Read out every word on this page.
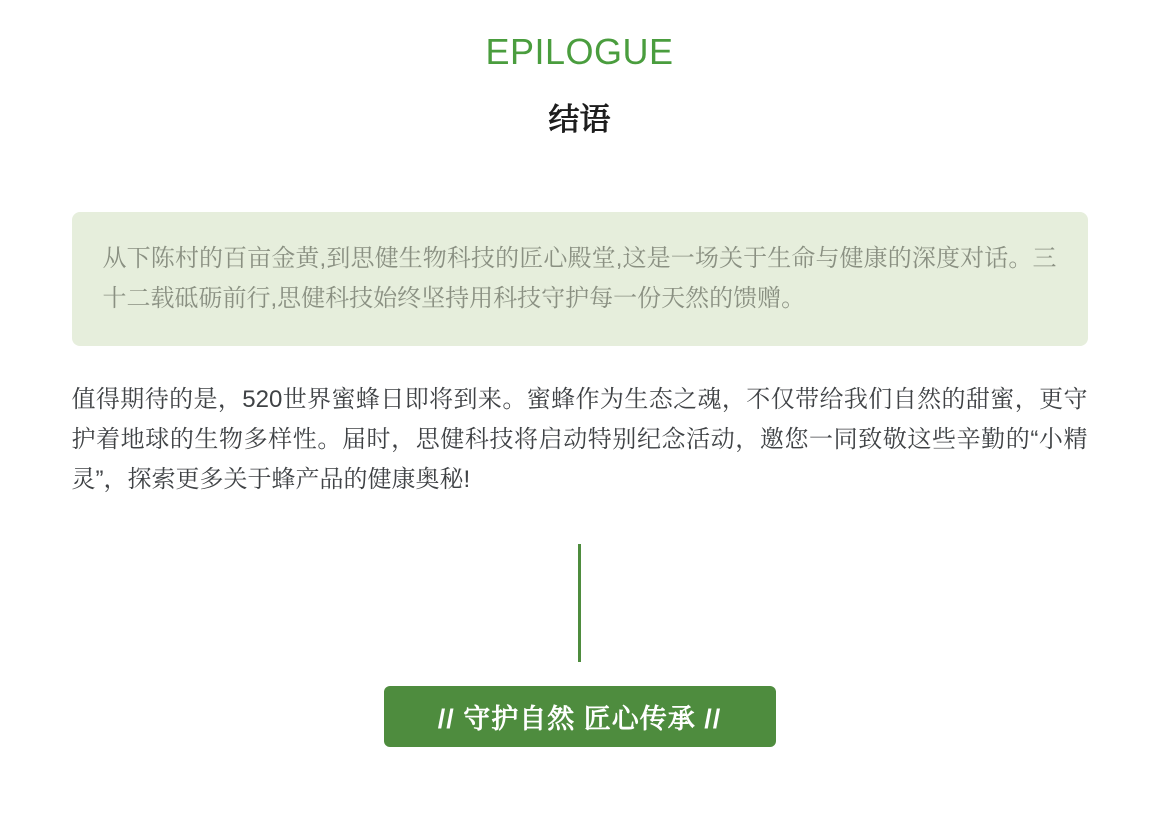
EPILOGUE
结语

从下陈村的百亩金黄,到思健生物科技的匠心殿堂,这是一场关于生命与健康的深度对话。三十二载砥砺前行,思健科技始终坚持用科技守护每一份天然的馈赠。

值得期待的是，520世界蜜蜂日即将到来。蜜蜂作为生态之魂，不仅带给我们自然的甜蜜，更守护着地球的生物多样性。届时，思健科技将启动特别纪念活动，邀您一同致敬这些辛勤的“小精灵”，探索更多关于蜂产品的健康奥秘!

// 守护自然 匠心传承 //
